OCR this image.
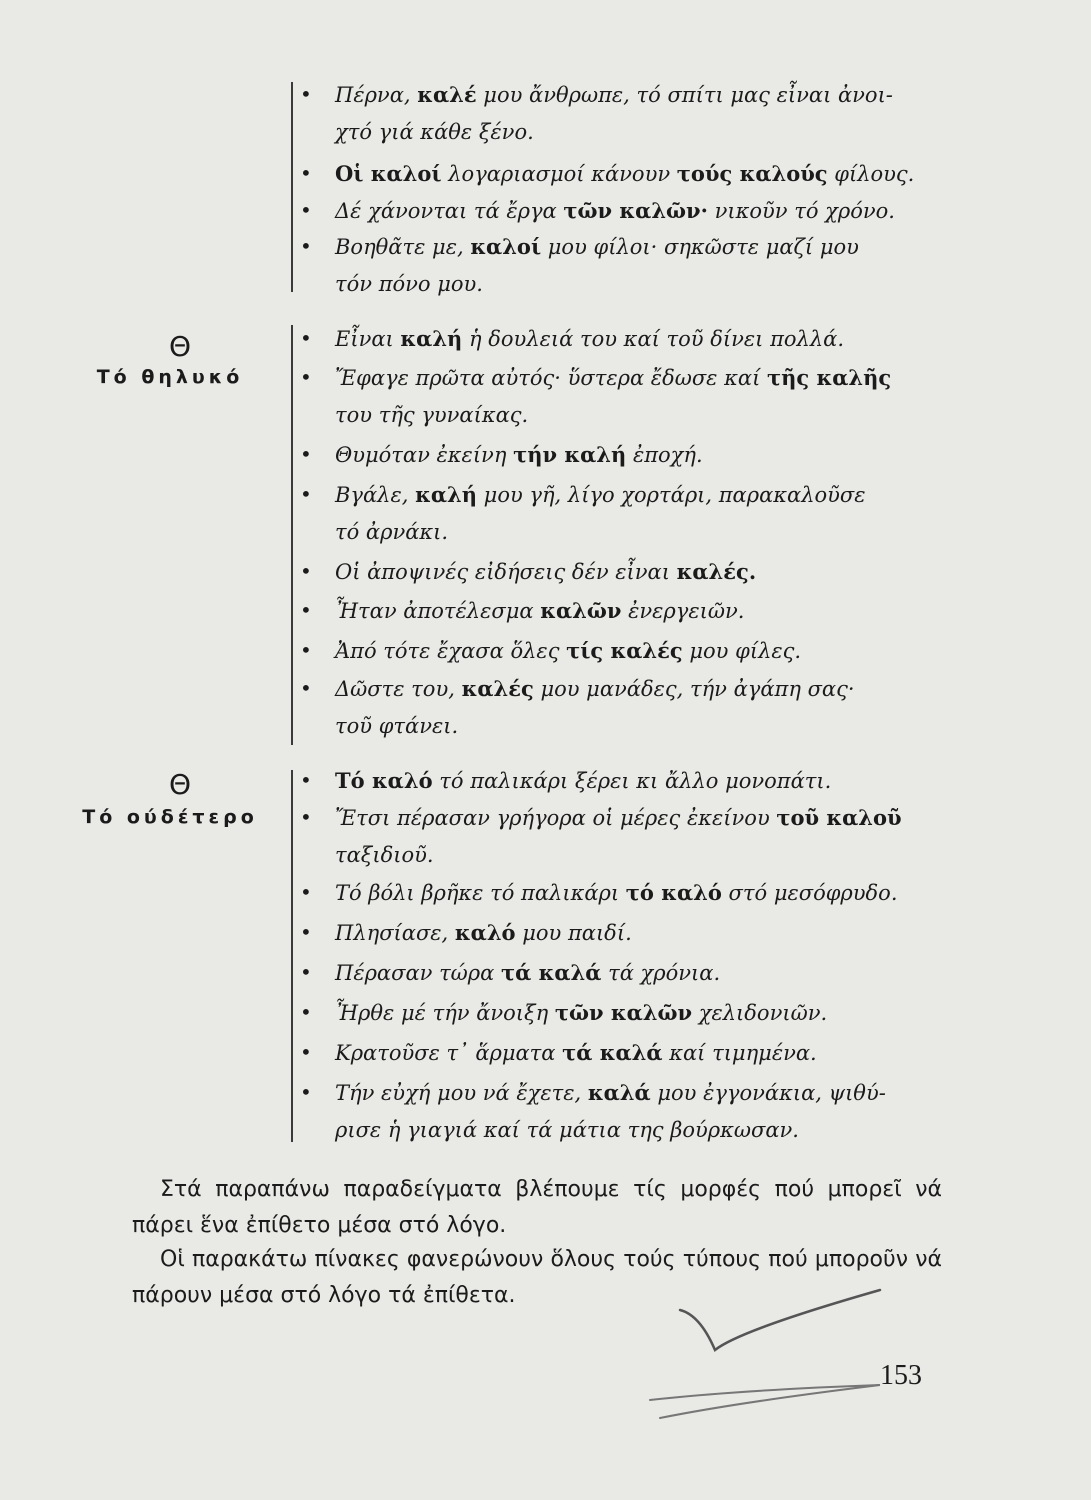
•	Πέρνα, καλέ μου ἄνθρωπε, τό σπίτι μας εἶναι ἀνοι-
χτό γιά κάθε ξένο.
•	Οἱ καλοί λογαριασμοί κάνουν τούς καλούς φίλους.
•	Δέ χάνονται τά ἔργα τῶν καλῶν· νικοῦν τό χρόνο.
•	Βοηθᾶτε με, καλοί μου φίλοι· σηκῶστε μαζί μου
τόν πόνο μου.
Θ
Τό θηλυκό
•	Εἶναι καλή ἡ δουλειά του καί τοῦ δίνει πολλά.
•	Ἔφαγε πρῶτα αὐτός· ὕστερα ἔδωσε καί τῆς καλῆς
του τῆς γυναίκας.
•	Θυμόταν ἐκείνη τήν καλή ἐποχή.
•	Βγάλε, καλή μου γῆ, λίγο χορτάρι, παρακαλοῦσε
τό ἀρνάκι.
•	Οἱ ἀποψινές εἰδήσεις δέν εἶναι καλές.
•	Ἦταν ἀποτέλεσμα καλῶν ἐνεργειῶν.
•	Ἀπό τότε ἔχασα ὅλες τίς καλές μου φίλες.
•	Δῶστε του, καλές μου μανάδες, τήν ἀγάπη σας·
τοῦ φτάνει.
Θ
Τό ούδέτερο
•	Τό καλό τό παλικάρι ξέρει κι ἄλλο μονοπάτι.
•	Ἔτσι πέρασαν γρήγορα οἱ μέρες ἐκείνου τοῦ καλοῦ
ταξιδιοῦ.
•	Τό βόλι βρῆκε τό παλικάρι τό καλό στό μεσόφρυδο.
•	Πλησίασε, καλό μου παιδί.
•	Πέρασαν τώρα τά καλά τά χρόνια.
•	Ἦρθε μέ τήν ἄνοιξη τῶν καλῶν χελιδονιῶν.
•	Κρατοῦσε τ᾿ ἅρματα τά καλά καί τιμημένα.
•	Τήν εὐχή μου νά ἔχετε, καλά μου ἐγγονάκια, ψιθύ-
ρισε ἡ γιαγιά καί τά μάτια της βούρκωσαν.
Στά παραπάνω παραδείγματα βλέπουμε τίς μορφές πού μπορεῖ νά πάρει ἕνα ἐπίθετο μέσα στό λόγο.
Οἱ παρακάτω πίνακες φανερώνουν ὅλους τούς τύπους πού μποροῦν νά πάρουν μέσα στό λόγο τά ἐπίθετα.
153
